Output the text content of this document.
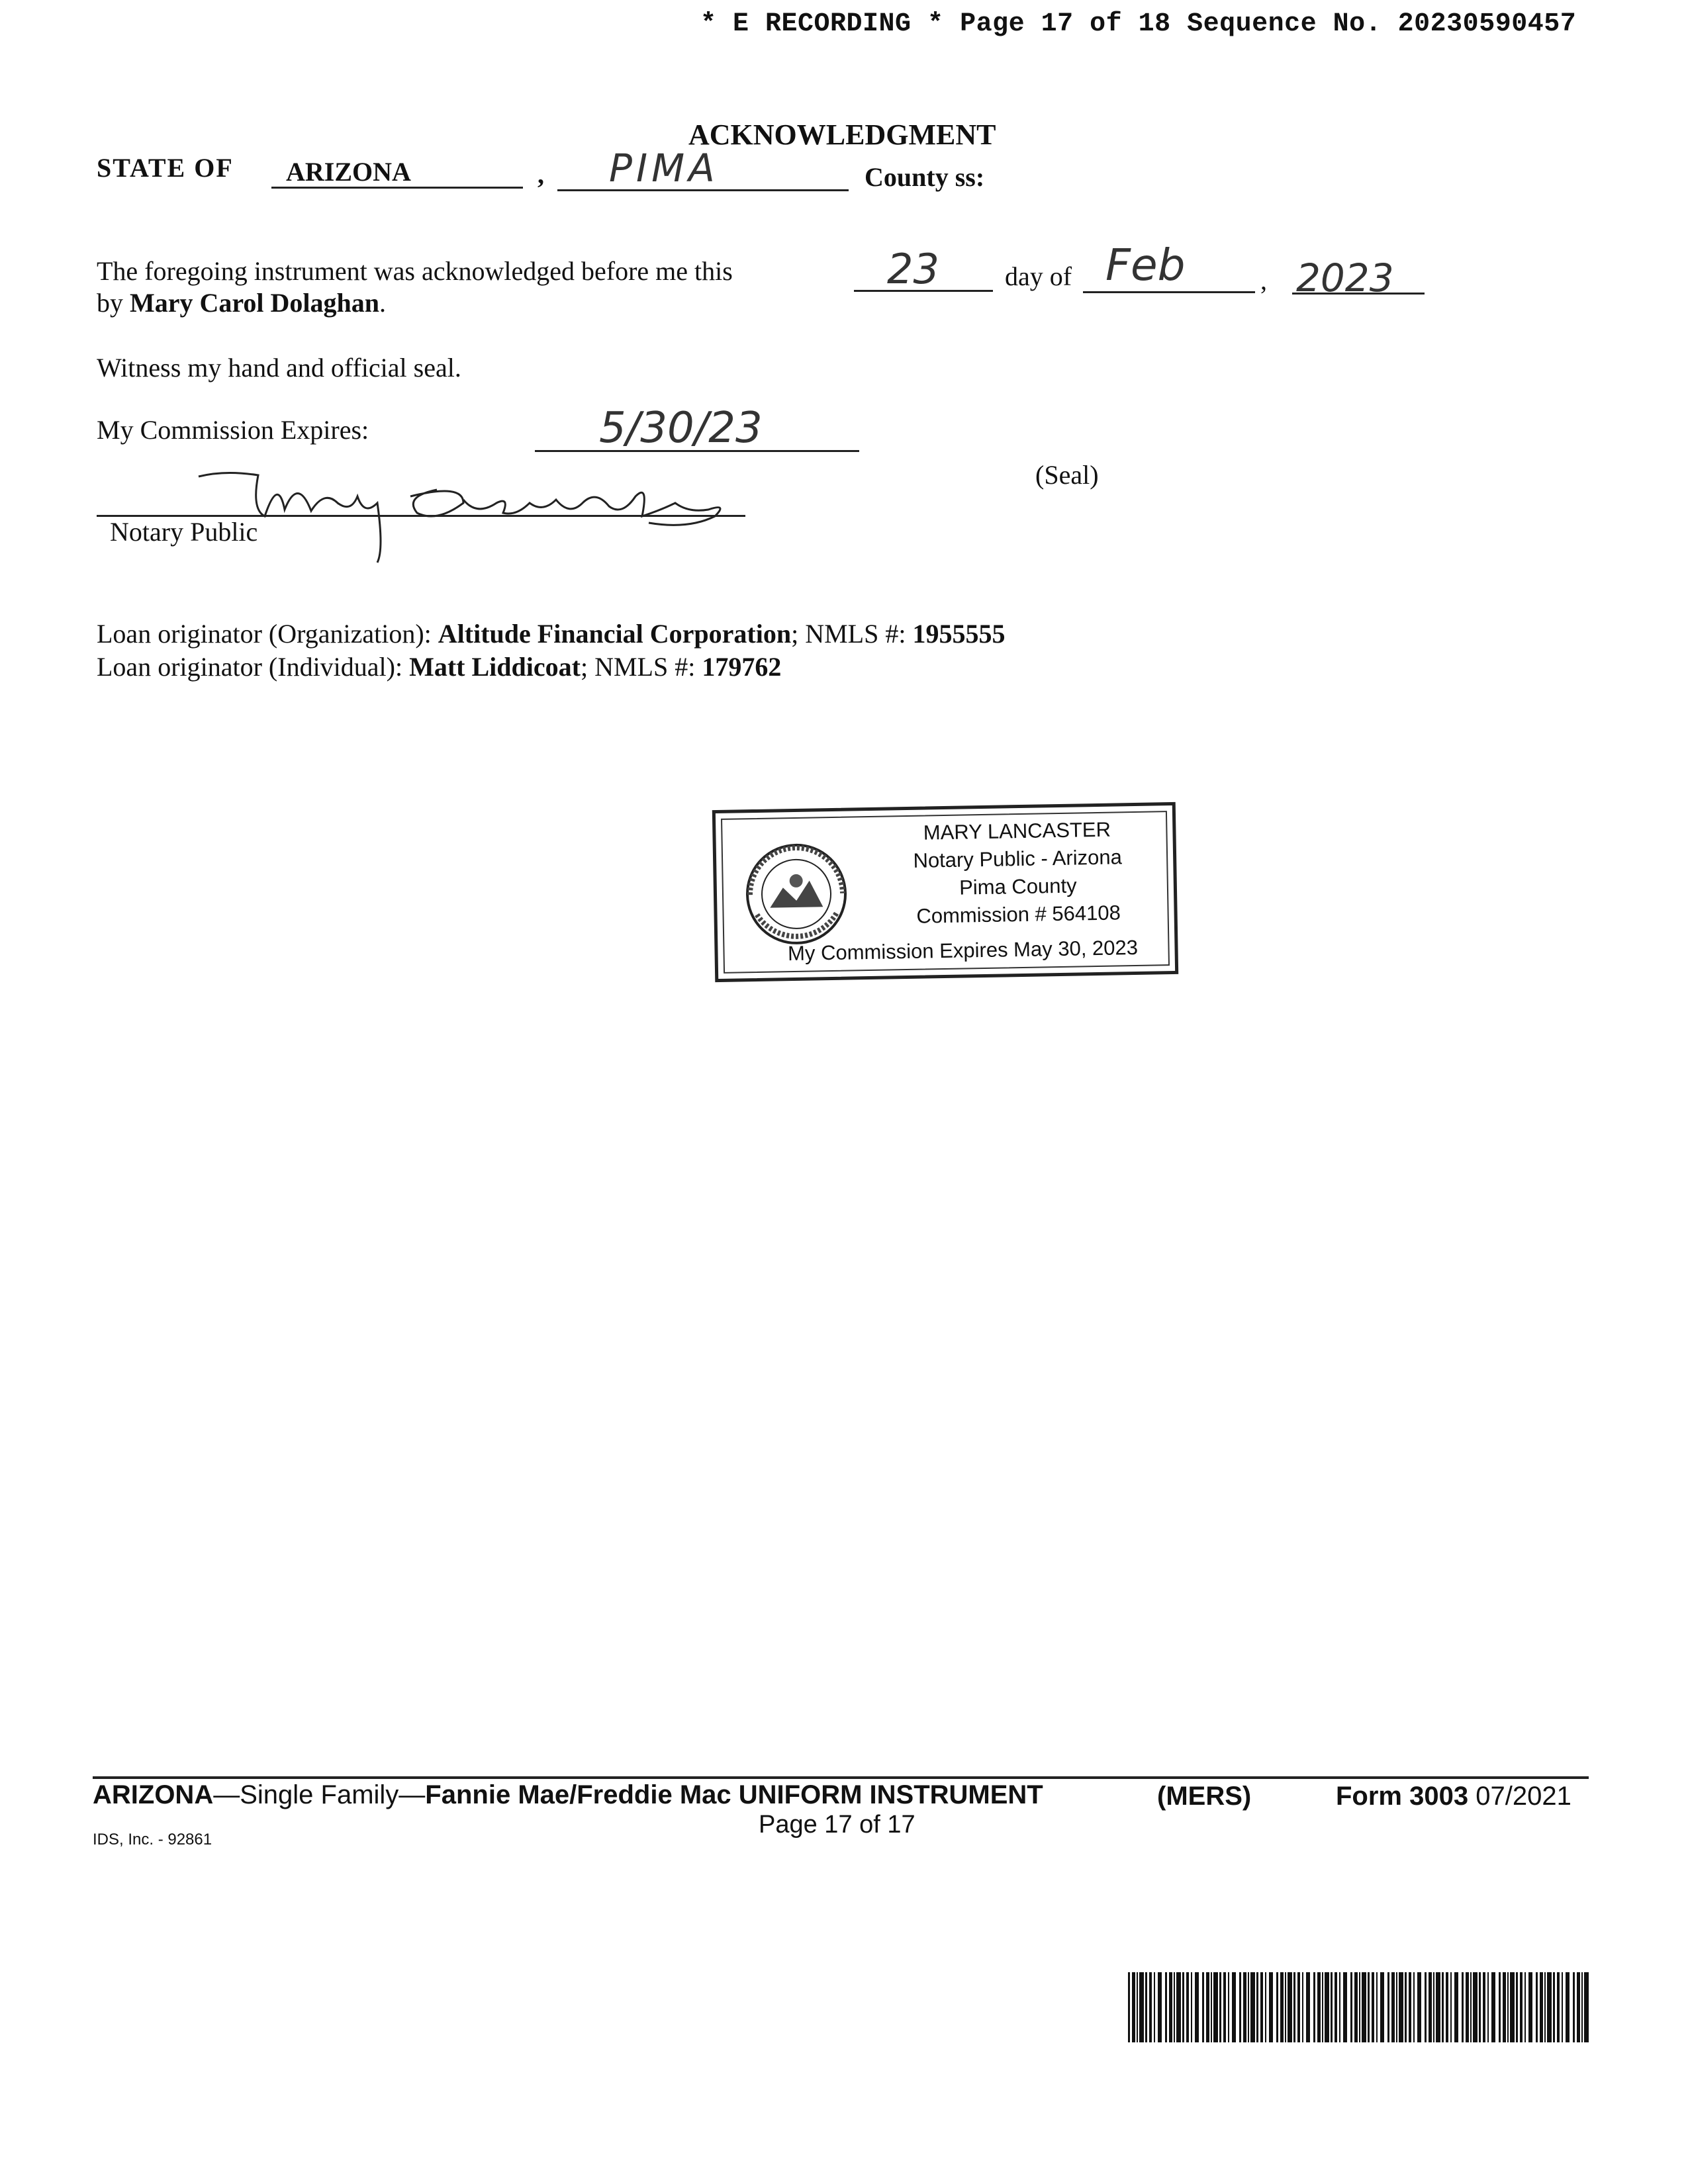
* E RECORDING * Page 17 of 18 Sequence No. 20230590457
ACKNOWLEDGMENT
STATE OF ARIZONA	, PIMA	County ss:
The foregoing instrument was acknowledged before me this	23 day of Feb	, 2023
by Mary Carol Dolaghan.
Witness my hand and official seal.
My Commission Expires:	5/30/23
(Seal)
Notary Public
Loan originator (Organization): Altitude Financial Corporation; NMLS #: 1955555
Loan originator (Individual): Matt Liddicoat; NMLS #: 179762
MARY LANCASTER
Notary Public - Arizona
Pima County
Commission # 564108
My Commission Expires May 30, 2023
ARIZONA—Single Family—Fannie Mae/Freddie Mac UNIFORM INSTRUMENT	(MERS)	Form 3003 07/2021
Page 17 of 17
IDS, Inc. - 92861
